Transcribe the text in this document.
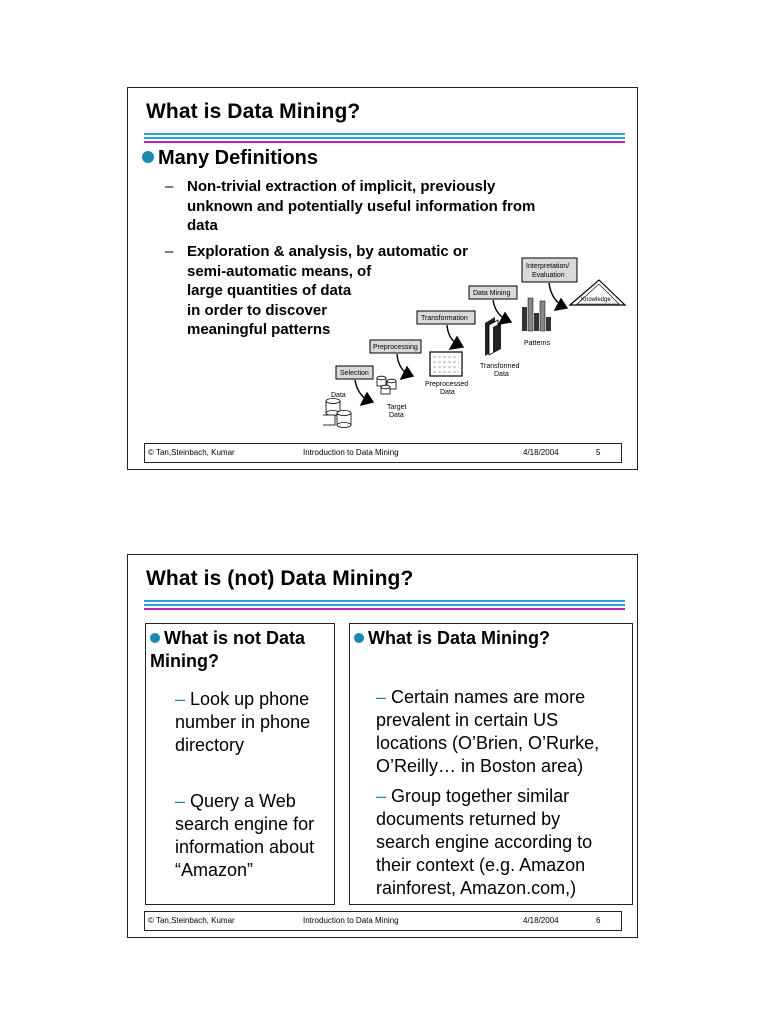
What is Data Mining?
Many Definitions
– Non-trivial extraction of implicit, previously
unknown and potentially useful information from
data
– Exploration & analysis, by automatic or
semi-automatic means, of
large quantities of data
in order to discover
meaningful patterns
Selection
Preprocessing
Transformation
Data Mining
Interpretation/
Evaluation
Data
Target
Data
Preprocessed
Data
Transformed
Data
Patterns
Knowledge
© Tan,Steinbach, Kumar	Introduction to Data Mining	4/18/2004	5
What is (not) Data Mining?
What is not Data
Mining?
– Look up phone
number in phone
directory
– Query a Web
search engine for
information about
“Amazon”
What is Data Mining?
– Certain names are more
prevalent in certain US
locations (O’Brien, O’Rurke,
O’Reilly… in Boston area)
– Group together similar
documents returned by
search engine according to
their context (e.g. Amazon
rainforest, Amazon.com,)
© Tan,Steinbach, Kumar	Introduction to Data Mining	4/18/2004	6
